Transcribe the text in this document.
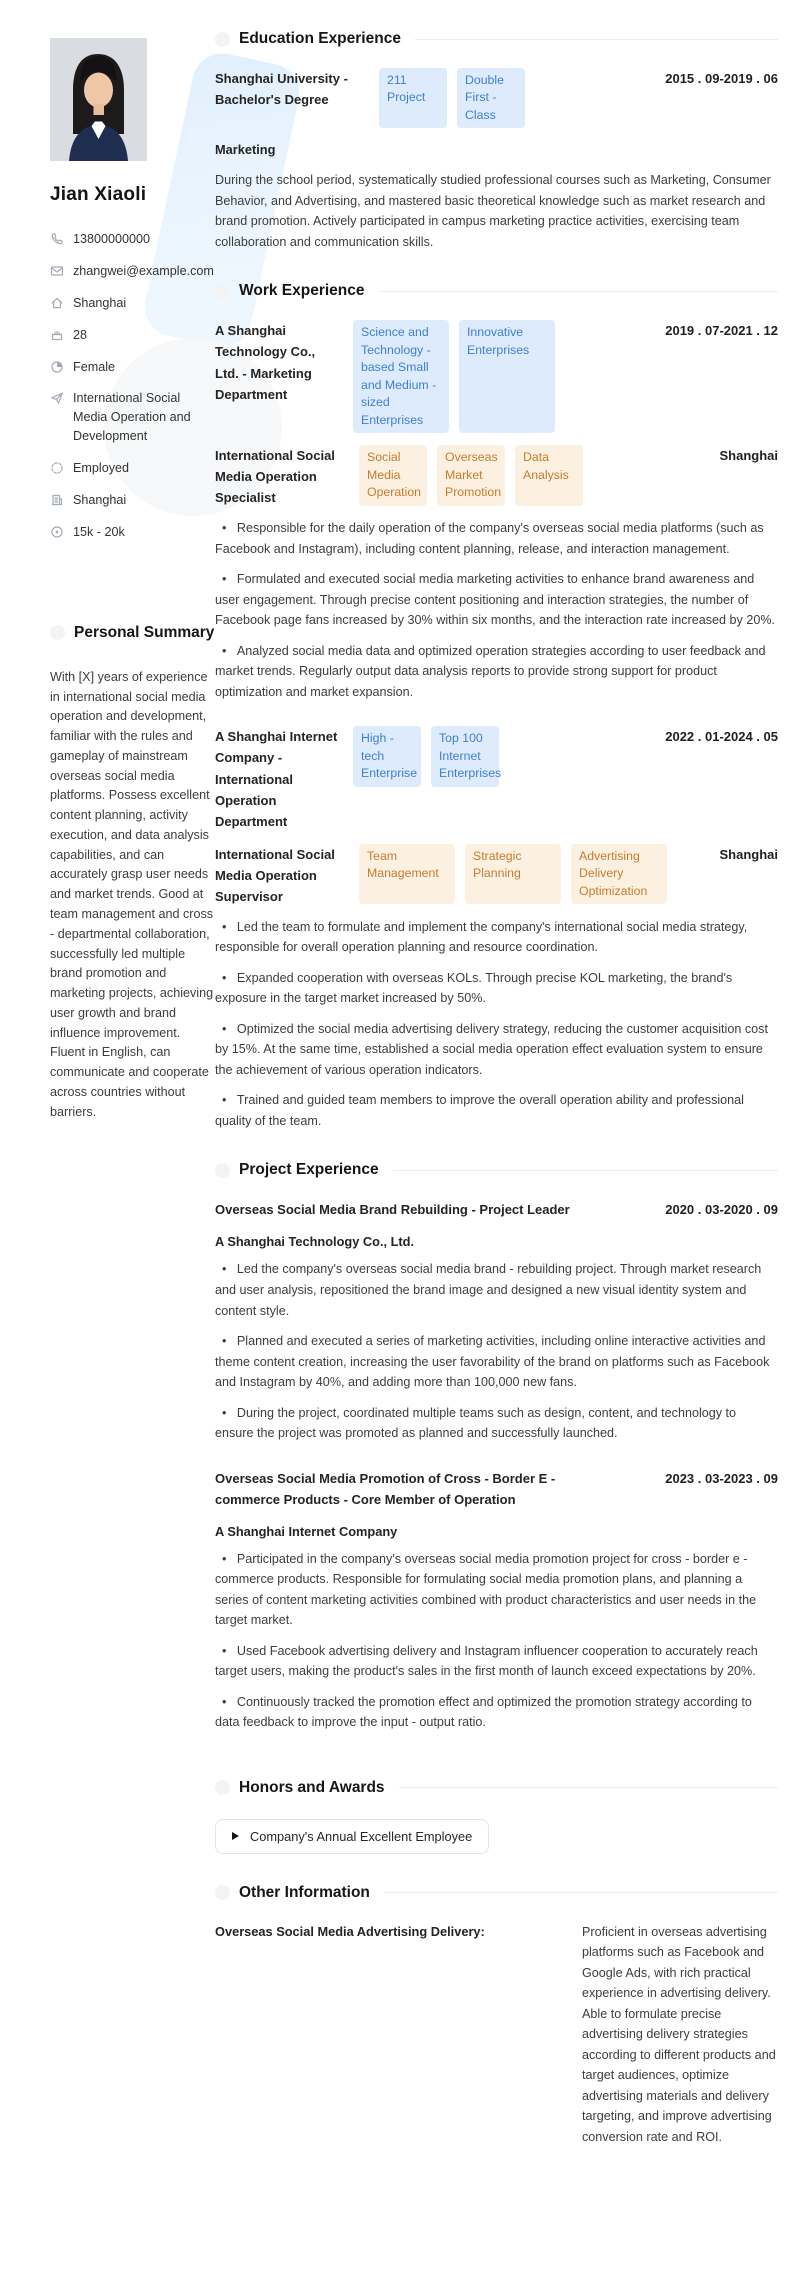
Jian Xiaoli
13800000000
zhangwei@example.com
Shanghai
28
Female
International Social Media Operation and Development
Employed
Shanghai
15k - 20k
Personal Summary

With [X] years of experience in international social media operation and development, familiar with the rules and gameplay of mainstream overseas social media platforms. Possess excellent content planning, activity execution, and data analysis capabilities, and can accurately grasp user needs and market trends. Good at team management and cross - departmental collaboration, successfully led multiple brand promotion and marketing projects, achieving user growth and brand influence improvement. Fluent in English, can communicate and cooperate across countries without barriers.

Education Experience
Shanghai University - Bachelor's Degree
211 Project
Double First - Class
2015 . 09-2019 . 06
Marketing

During the school period, systematically studied professional courses such as Marketing, Consumer Behavior, and Advertising, and mastered basic theoretical knowledge such as market research and brand promotion. Actively participated in campus marketing practice activities, exercising team collaboration and communication skills.

Work Experience
A Shanghai Technology Co., Ltd. - Marketing Department
Science and Technology - based Small and Medium - sized Enterprises
Innovative Enterprises
2019 . 07-2021 . 12
International Social Media Operation Specialist
Social Media Operation
Overseas Market Promotion
Data Analysis
Shanghai

•   Responsible for the daily operation of the company's overseas social media platforms (such as Facebook and Instagram), including content planning, release, and interaction management.

•   Formulated and executed social media marketing activities to enhance brand awareness and user engagement. Through precise content positioning and interaction strategies, the number of Facebook page fans increased by 30% within six months, and the interaction rate increased by 20%.

•   Analyzed social media data and optimized operation strategies according to user feedback and market trends. Regularly output data analysis reports to provide strong support for product optimization and market expansion.

A Shanghai Internet Company - International Operation Department
High - tech Enterprise
Top 100 Internet Enterprises
2022 . 01-2024 . 05
International Social Media Operation Supervisor
Team Management
Strategic Planning
Advertising Delivery Optimization
Shanghai

•   Led the team to formulate and implement the company's international social media strategy, responsible for overall operation planning and resource coordination.

•   Expanded cooperation with overseas KOLs. Through precise KOL marketing, the brand's exposure in the target market increased by 50%.

•   Optimized the social media advertising delivery strategy, reducing the customer acquisition cost by 15%. At the same time, established a social media operation effect evaluation system to ensure the achievement of various operation indicators.

•   Trained and guided team members to improve the overall operation ability and professional quality of the team.

Project Experience
Overseas Social Media Brand Rebuilding - Project Leader	2020 . 03-2020 . 09
A Shanghai Technology Co., Ltd.

•   Led the company's overseas social media brand - rebuilding project. Through market research and user analysis, repositioned the brand image and designed a new visual identity system and content style.

•   Planned and executed a series of marketing activities, including online interactive activities and theme content creation, increasing the user favorability of the brand on platforms such as Facebook and Instagram by 40%, and adding more than 100,000 new fans.

•   During the project, coordinated multiple teams such as design, content, and technology to ensure the project was promoted as planned and successfully launched.

Overseas Social Media Promotion of Cross - Border E - commerce Products - Core Member of Operation
2023 . 03-2023 . 09
A Shanghai Internet Company

•   Participated in the company's overseas social media promotion project for cross - border e - commerce products. Responsible for formulating social media promotion plans, and planning a series of content marketing activities combined with product characteristics and user needs in the target market.

•   Used Facebook advertising delivery and Instagram influencer cooperation to accurately reach target users, making the product's sales in the first month of launch exceed expectations by 20%.

•   Continuously tracked the promotion effect and optimized the promotion strategy according to data feedback to improve the input - output ratio.

Honors and Awards
Company's Annual Excellent Employee
Other Information
Overseas Social Media Advertising Delivery:	Proficient in overseas advertising platforms such as Facebook and Google Ads, with rich practical experience in advertising delivery. Able to formulate precise advertising delivery strategies according to different products and target audiences, optimize advertising materials and delivery targeting, and improve advertising conversion rate and ROI.
